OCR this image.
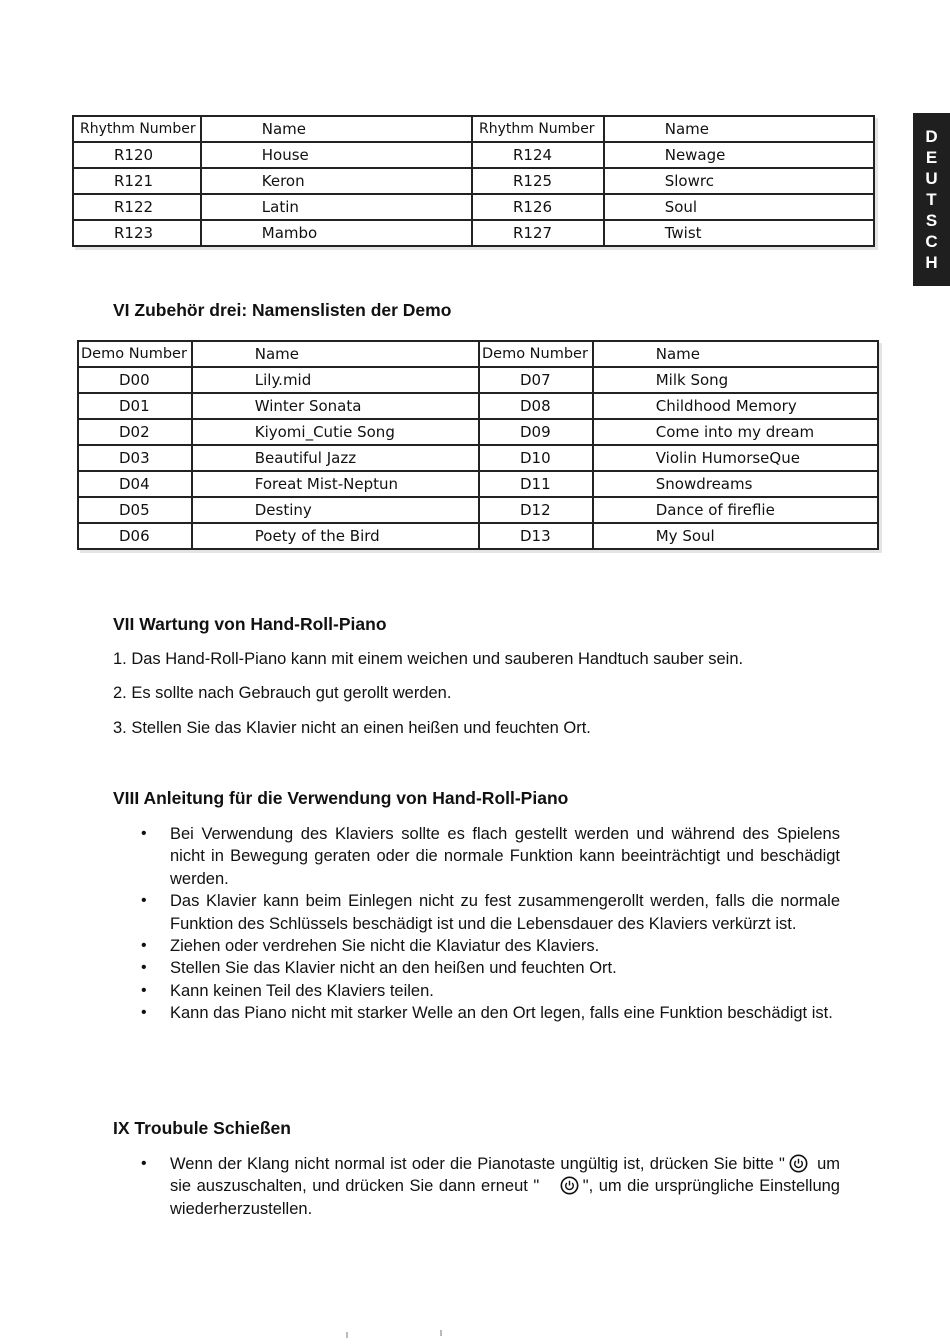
D
E
U
T
S
C
H
Rhythm Number	Name	Rhythm Number	Name
R120	House	R124	Newage
R121	Keron	R125	Slowrc
R122	Latin	R126	Soul
R123	Mambo	R127	Twist
VI Zubehör drei: Namenslisten der Demo
Demo Number	Name	Demo Number	Name
D00	Lily.mid	D07	Milk Song
D01	Winter Sonata	D08	Childhood Memory
D02	Kiyomi_Cutie Song	D09	Come into my dream
D03	Beautiful Jazz	D10	Violin HumorseQue
D04	Foreat Mist-Neptun	D11	Snowdreams
D05	Destiny	D12	Dance of fireflie
D06	Poety of the Bird	D13	My Soul
VII Wartung von Hand-Roll-Piano

1. Das Hand-Roll-Piano kann mit einem weichen und sauberen Handtuch sauber sein.

2. Es sollte nach Gebrauch gut gerollt werden.

3. Stellen Sie das Klavier nicht an einen heißen und feuchten Ort.

VIII Anleitung für die Verwendung von Hand-Roll-Piano
• Bei Verwendung des Klaviers sollte es flach gestellt werden und während des Spielens nicht in Bewegung geraten oder die normale Funktion kann beeinträchtigt und beschädigt werden.
• Das Klavier kann beim Einlegen nicht zu fest zusammengerollt werden, falls die normale Funktion des Schlüssels beschädigt ist und die Lebensdauer des Klaviers verkürzt ist.
• Ziehen oder verdrehen Sie nicht die Klaviatur des Klaviers.
• Stellen Sie das Klavier nicht an den heißen und feuchten Ort.
• Kann keinen Teil des Klaviers teilen.
• Kann das Piano nicht mit starker Welle an den Ort legen, falls eine Funktion beschädigt ist.
IX Troubule Schießen
• Wenn der Klang nicht normal ist oder die Pianotaste ungültig ist, drücken Sie bitte " um sie auszuschalten, und drücken Sie dann erneut "	", um die ursprüngliche Einstellung wiederherzustellen.
